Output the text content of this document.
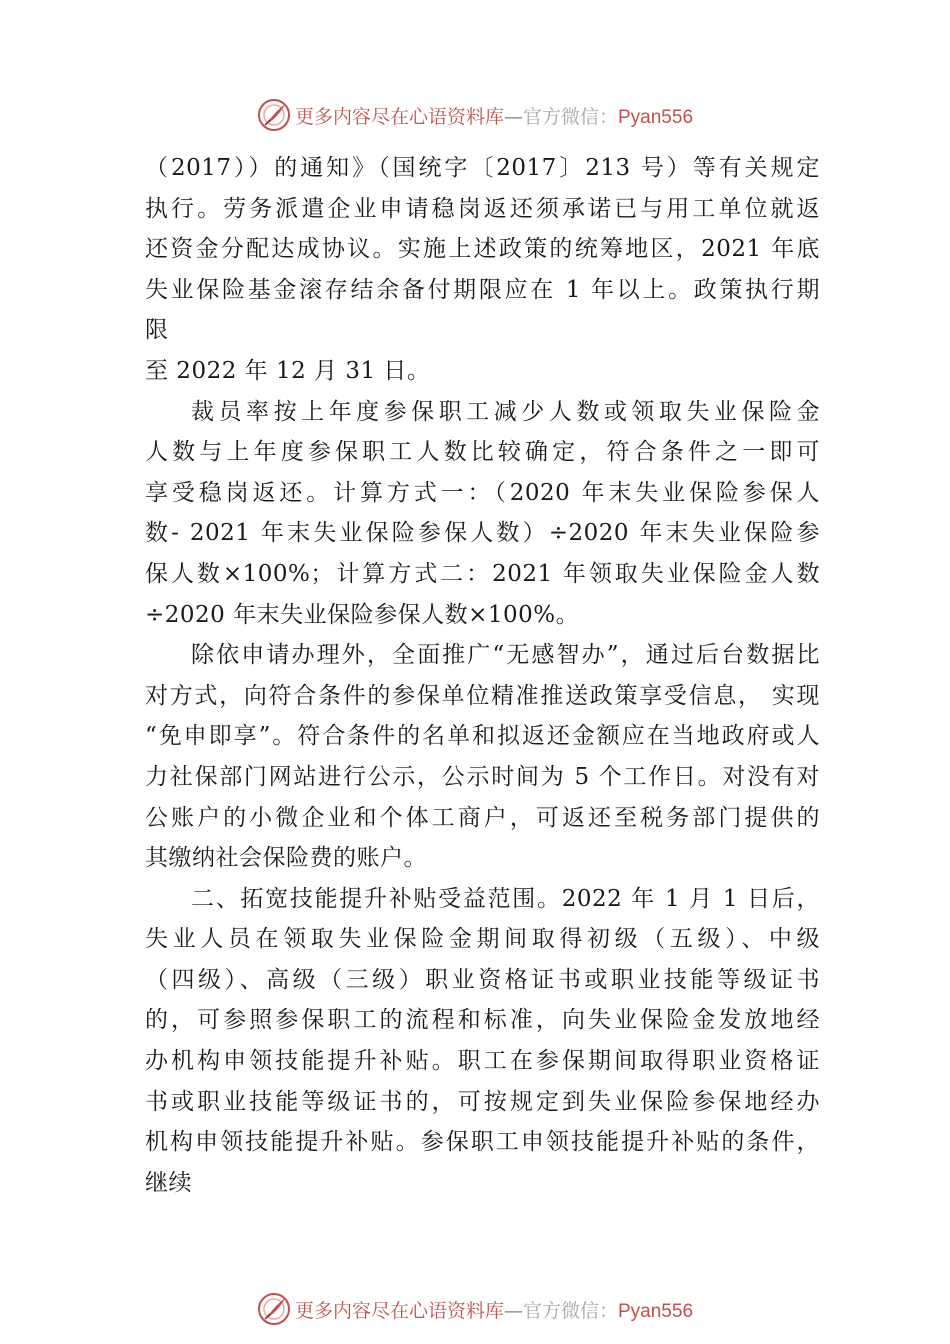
更多内容尽在心语资料库—官方微信：Pyan556
（2017））的通知》（国统字〔2017〕213 号）等有关规定
执行。劳务派遣企业申请稳岗返还须承诺已与用工单位就返
还资金分配达成协议。实施上述政策的统筹地区，2021 年底
失业保险基金滚存结余备付期限应在 1 年以上。政策执行期
限
至 2022 年 12 月 31 日。
裁员率按上年度参保职工减少人数或领取失业保险金
人数与上年度参保职工人数比较确定，符合条件之一即可
享受稳岗返还。计算方式一：（2020 年末失业保险参保人
数- 2021 年末失业保险参保人数）÷2020 年末失业保险参
保人数×100%；计算方式二：2021 年领取失业保险金人数
÷2020 年末失业保险参保人数×100%。
除依申请办理外，全面推广“无感智办”，通过后台数据比
对方式，向符合条件的参保单位精准推送政策享受信息， 实现
“免申即享”。符合条件的名单和拟返还金额应在当地政府或人
力社保部门网站进行公示，公示时间为 5 个工作日。对没有对
公账户的小微企业和个体工商户，可返还至税务部门提供的
其缴纳社会保险费的账户。
二、拓宽技能提升补贴受益范围。2022 年 1 月 1 日后，
失业人员在领取失业保险金期间取得初级（五级）、中级
（四级）、高级（三级）职业资格证书或职业技能等级证书
的，可参照参保职工的流程和标准，向失业保险金发放地经
办机构申领技能提升补贴。职工在参保期间取得职业资格证
书或职业技能等级证书的，可按规定到失业保险参保地经办
机构申领技能提升补贴。参保职工申领技能提升补贴的条件，
继续
更多内容尽在心语资料库—官方微信：Pyan556
